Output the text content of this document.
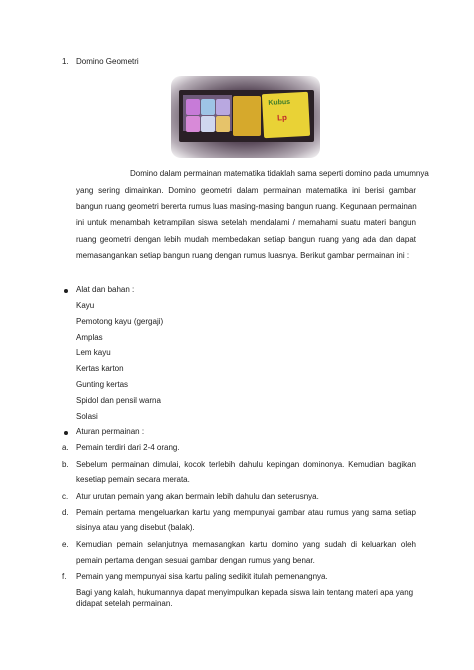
1. Domino Geometri
Kubus
Lp
Domino dalam permainan matematika tidaklah sama seperti domino pada umumnya
yang sering dimainkan. Domino geometri dalam permainan matematika ini berisi gambar
bangun ruang geometri bererta rumus luas masing-masing bangun ruang. Kegunaan permainan
ini untuk menambah ketrampilan siswa setelah mendalami / memahami suatu materi bangun
ruang geometri dengan lebih mudah membedakan setiap bangun ruang yang ada dan dapat
memasangankan setiap bangun ruang dengan rumus luasnya. Berikut gambar permainan ini :
Alat dan bahan :
Kayu
Pemotong kayu (gergaji)
Amplas
Lem kayu
Kertas karton
Gunting kertas
Spidol dan pensil warna
Solasi
Aturan permainan :
a. Pemain terdiri dari 2-4 orang.
b. Sebelum permainan dimulai, kocok terlebih dahulu kepingan dominonya. Kemudian bagikan
kesetiap pemain secara merata.
c. Atur urutan pemain yang akan bermain lebih dahulu dan seterusnya.
d. Pemain pertama mengeluarkan kartu yang mempunyai gambar atau rumus yang sama setiap
sisinya atau yang disebut (balak).
e. Kemudian pemain selanjutnya memasangkan kartu domino yang sudah di keluarkan oleh
pemain pertama dengan sesuai gambar dengan rumus yang benar.
f. Pemain yang mempunyai sisa kartu paling sedikit itulah pemenangnya.
Bagi yang kalah, hukumannya dapat menyimpulkan kepada siswa lain tentang materi apa yang
didapat setelah permainan.
